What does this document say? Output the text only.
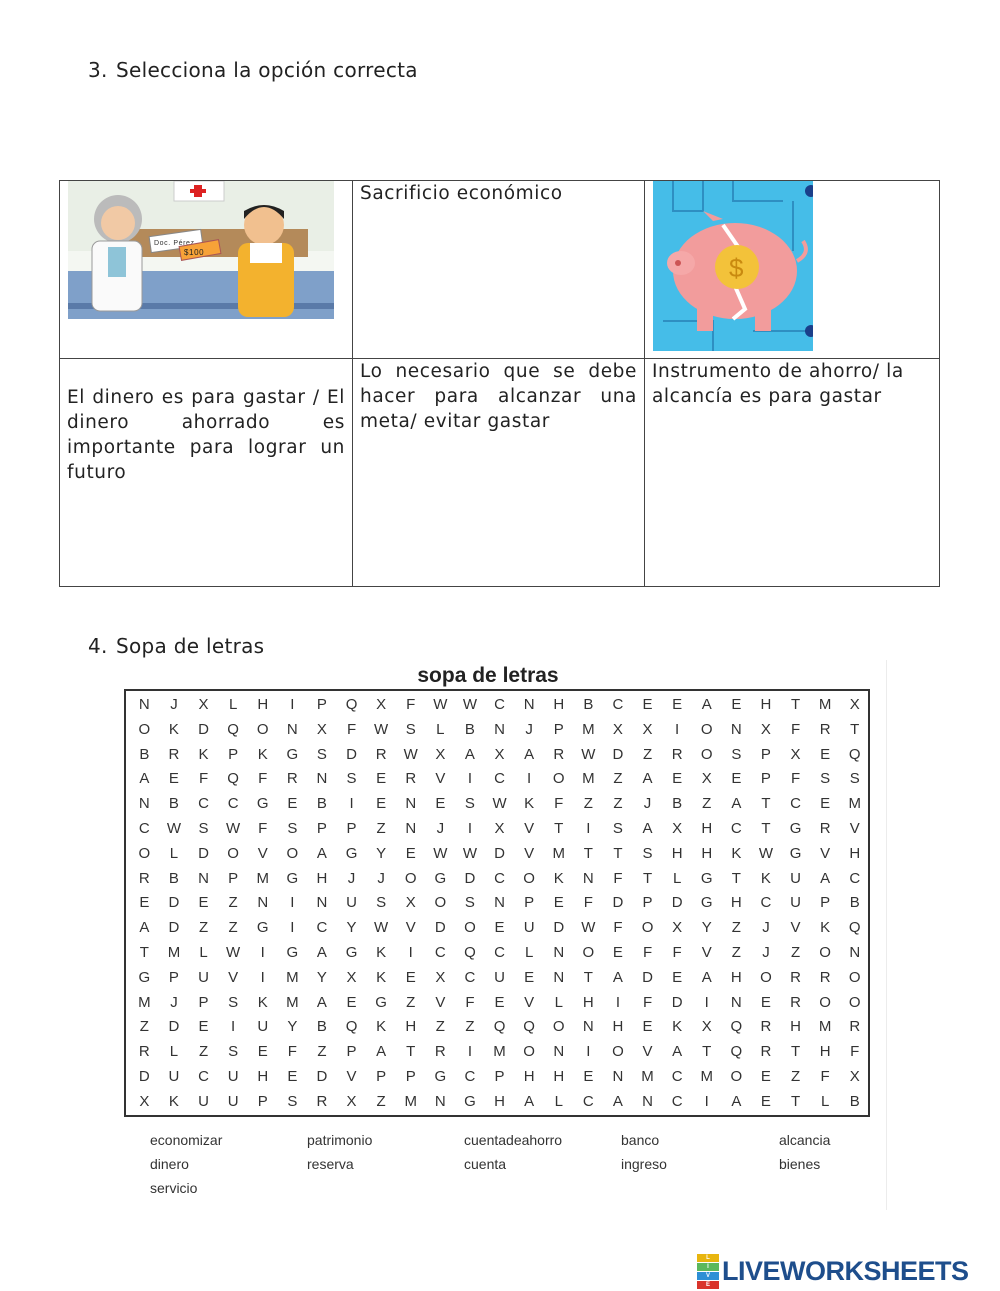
3. Selecciona la opción correcta
Doc. Pérez
$100	Sacrificio económico	$

El dinero es para gastar / El dinero ahorrado es importante para lograr un futuro	Lo necesario que se debe hacer para alcanzar una meta/ evitar gastar	Instrumento de ahorro/ la alcancía es para gastar
4. Sopa de letras
sopa de letras
N	J	X	L	H	I	P	Q	X	F	W	W	C	N	H	B	C	E	E	A	E	H	T	M	X
O	K	D	Q	O	N	X	F	W	S	L	B	N	J	P	M	X	X	I	O	N	X	F	R	T
B	R	K	P	K	G	S	D	R	W	X	A	X	A	R	W	D	Z	R	O	S	P	X	E	Q
A	E	F	Q	F	R	N	S	E	R	V	I	C	I	O	M	Z	A	E	X	E	P	F	S	S
N	B	C	C	G	E	B	I	E	N	E	S	W	K	F	Z	Z	J	B	Z	A	T	C	E	M
C	W	S	W	F	S	P	P	Z	N	J	I	X	V	T	I	S	A	X	H	C	T	G	R	V
O	L	D	O	V	O	A	G	Y	E	W	W	D	V	M	T	T	S	H	H	K	W	G	V	H
R	B	N	P	M	G	H	J	J	O	G	D	C	O	K	N	F	T	L	G	T	K	U	A	C
E	D	E	Z	N	I	N	U	S	X	O	S	N	P	E	F	D	P	D	G	H	C	U	P	B
A	D	Z	Z	G	I	C	Y	W	V	D	O	E	U	D	W	F	O	X	Y	Z	J	V	K	Q
T	M	L	W	I	G	A	G	K	I	C	Q	C	L	N	O	E	F	F	V	Z	J	Z	O	N
G	P	U	V	I	M	Y	X	K	E	X	C	U	E	N	T	A	D	E	A	H	O	R	R	O
M	J	P	S	K	M	A	E	G	Z	V	F	E	V	L	H	I	F	D	I	N	E	R	O	O
Z	D	E	I	U	Y	B	Q	K	H	Z	Z	Q	Q	O	N	H	E	K	X	Q	R	H	M	R
R	L	Z	S	E	F	Z	P	A	T	R	I	M	O	N	I	O	V	A	T	Q	R	T	H	F
D	U	C	U	H	E	D	V	P	P	G	C	P	H	H	E	N	M	C	M	O	E	Z	F	X
X	K	U	U	P	S	R	X	Z	M	N	G	H	A	L	C	A	N	C	I	A	E	T	L	B
economizar	patrimonio	cuentadeahorro	banco	alcancia
dinero	reserva	cuenta	ingreso	bienes
servicio
L
I
V
E LIVEWORKSHEETS
